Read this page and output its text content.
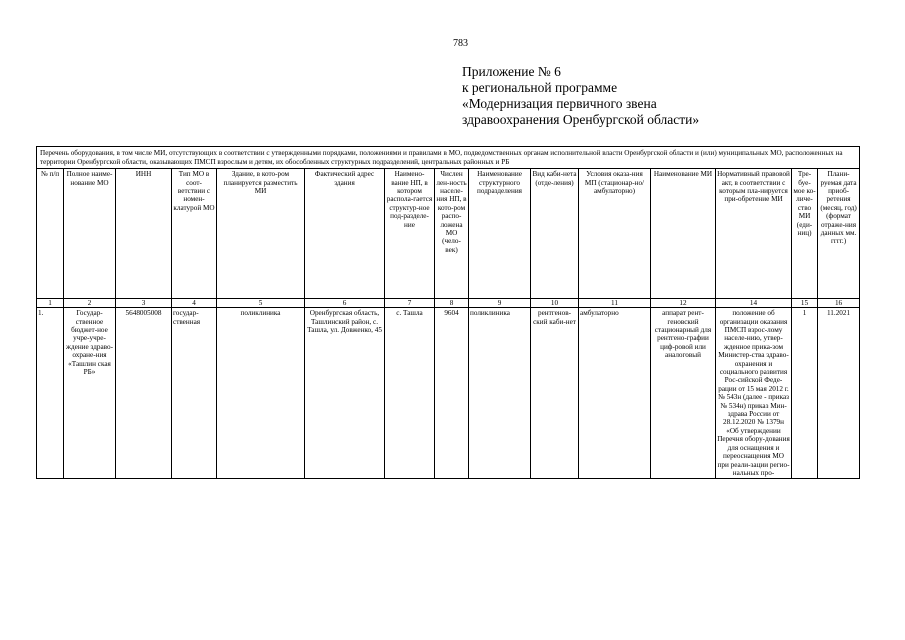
783
Приложение № 6
к региональной программе
«Модернизация первичного звена
здравоохранения Оренбургской области»
Перечень оборудования, в том числе МИ, отсутствующих в соответствии с утвержденными порядками, положениями и правилами в МО, подведомственных органам исполнительной власти Оренбургской области и (или) муниципальных МО, расположенных на территории Оренбургской области, оказывающих ПМСП взрослым и детям, их обособленных структурных подразделений, центральных районных и РБ														
№ п/п	Полное наиме-нование МО	ИНН	Тип МО в соот-ветствии с номен-клатурой МО	Здание, в кото-ром планируется разместить МИ	Фактический адрес здания	Наимено-вание НП, в котором распола-гается структур-ное под-разделе-ние	Числен лен-ность населе-ния НП, в кото-ром распо-ложена МО (чело-век)	Наименование структурного подразделения	Вид каби-нета (отде-ления)	Условия оказа-ния МП (стационар-но/амбулаторно)	Наименование МИ	Нормативный правовой акт, в соответствии с которым пла-нируется при-обретение МИ	Тре-буе-мое ко-личе-ство МИ (еди-ниц)	Плани-руемая дата приоб-ретения (месяц, год) (формат отраже-ния данных мм. гггг.)
1	2	3	4	5	6	7	8	9	10	11	12	14	15	16
1.	Государ-ственное бюджет-ное учре-учре-ждение здраво-охране-ния «Ташлин ская РБ»	5648005008	государ-ственная	поликлиника	Оренбургская область, Ташлинский район, с. Ташла, ул. Довженко, 45	с. Ташла	9604	поликлиника	рентгенов-ский каби-нет	амбулаторно	аппарат рент-геновский стационарный для рентгено-графии циф-ровой или аналоговый	положение об организации оказания ПМСП взрос-лому населе-нию, утвер-жденное прика-зом Министер-ства здраво-охранения и социального развития Рос-сийской Феде-рации от 15 мая 2012 г. № 543н (далее - приказ № 534н) приказ Мин-здрава России от 28.12.2020 № 1379н «Об утверждении Перечня обору-дования для оснащения и переоснащения МО при реали-зации регио-нальных про-	1	11.2021
